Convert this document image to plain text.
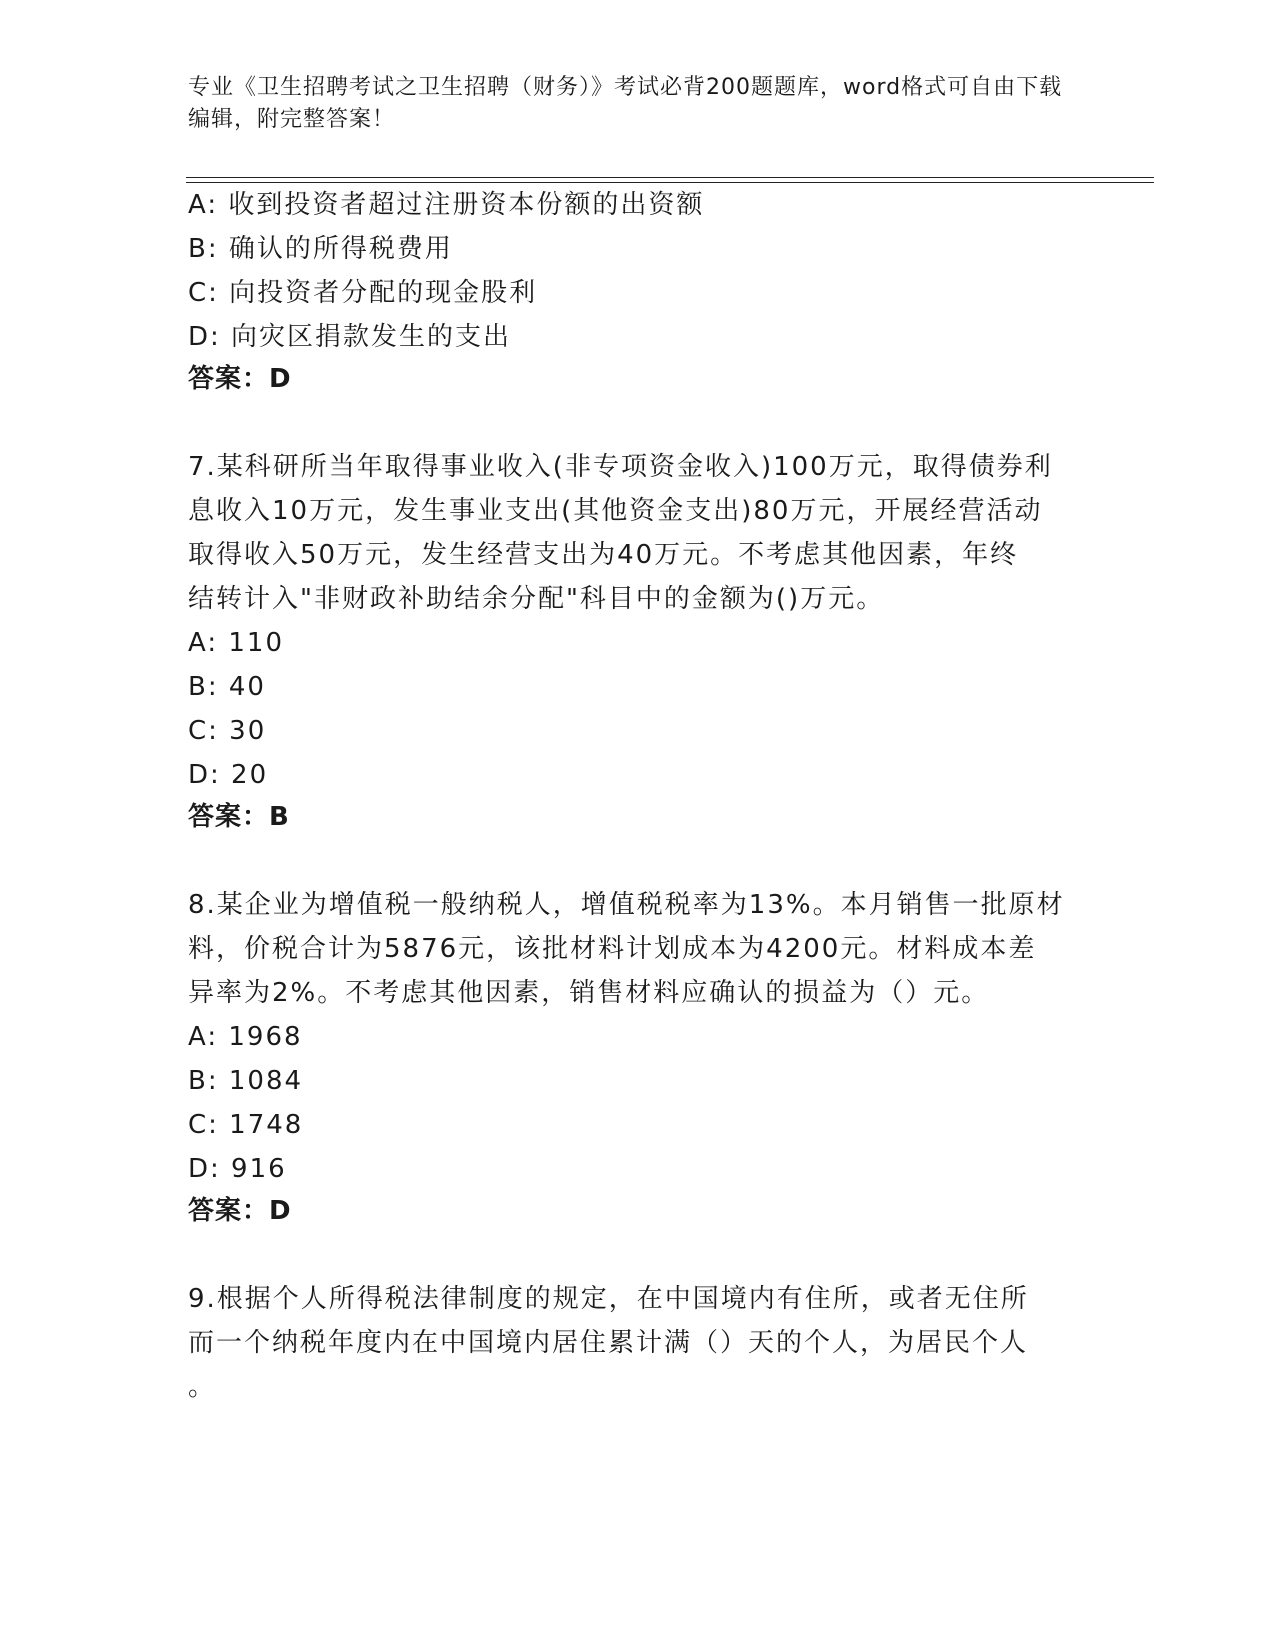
专业《卫生招聘考试之卫生招聘（财务）》考试必背200题题库，word格式可自由下载编辑，附完整答案！
A: 收到投资者超过注册资本份额的出资额
B: 确认的所得税费用
C: 向投资者分配的现金股利
D: 向灾区捐款发生的支出
答案：D
7.某科研所当年取得事业收入(非专项资金收入)100万元，取得债券利
息收入10万元，发生事业支出(其他资金支出)80万元，开展经营活动
取得收入50万元，发生经营支出为40万元。不考虑其他因素，年终
结转计入"非财政补助结余分配"科目中的金额为()万元。
A: 110
B: 40
C: 30
D: 20
答案：B
8.某企业为增值税一般纳税人，增值税税率为13%。本月销售一批原材
料，价税合计为5876元，该批材料计划成本为4200元。材料成本差
异率为2%。不考虑其他因素，销售材料应确认的损益为（）元。
A: 1968
B: 1084
C: 1748
D: 916
答案：D
9.根据个人所得税法律制度的规定，在中国境内有住所，或者无住所
而一个纳税年度内在中国境内居住累计满（）天的个人，为居民个人
。
